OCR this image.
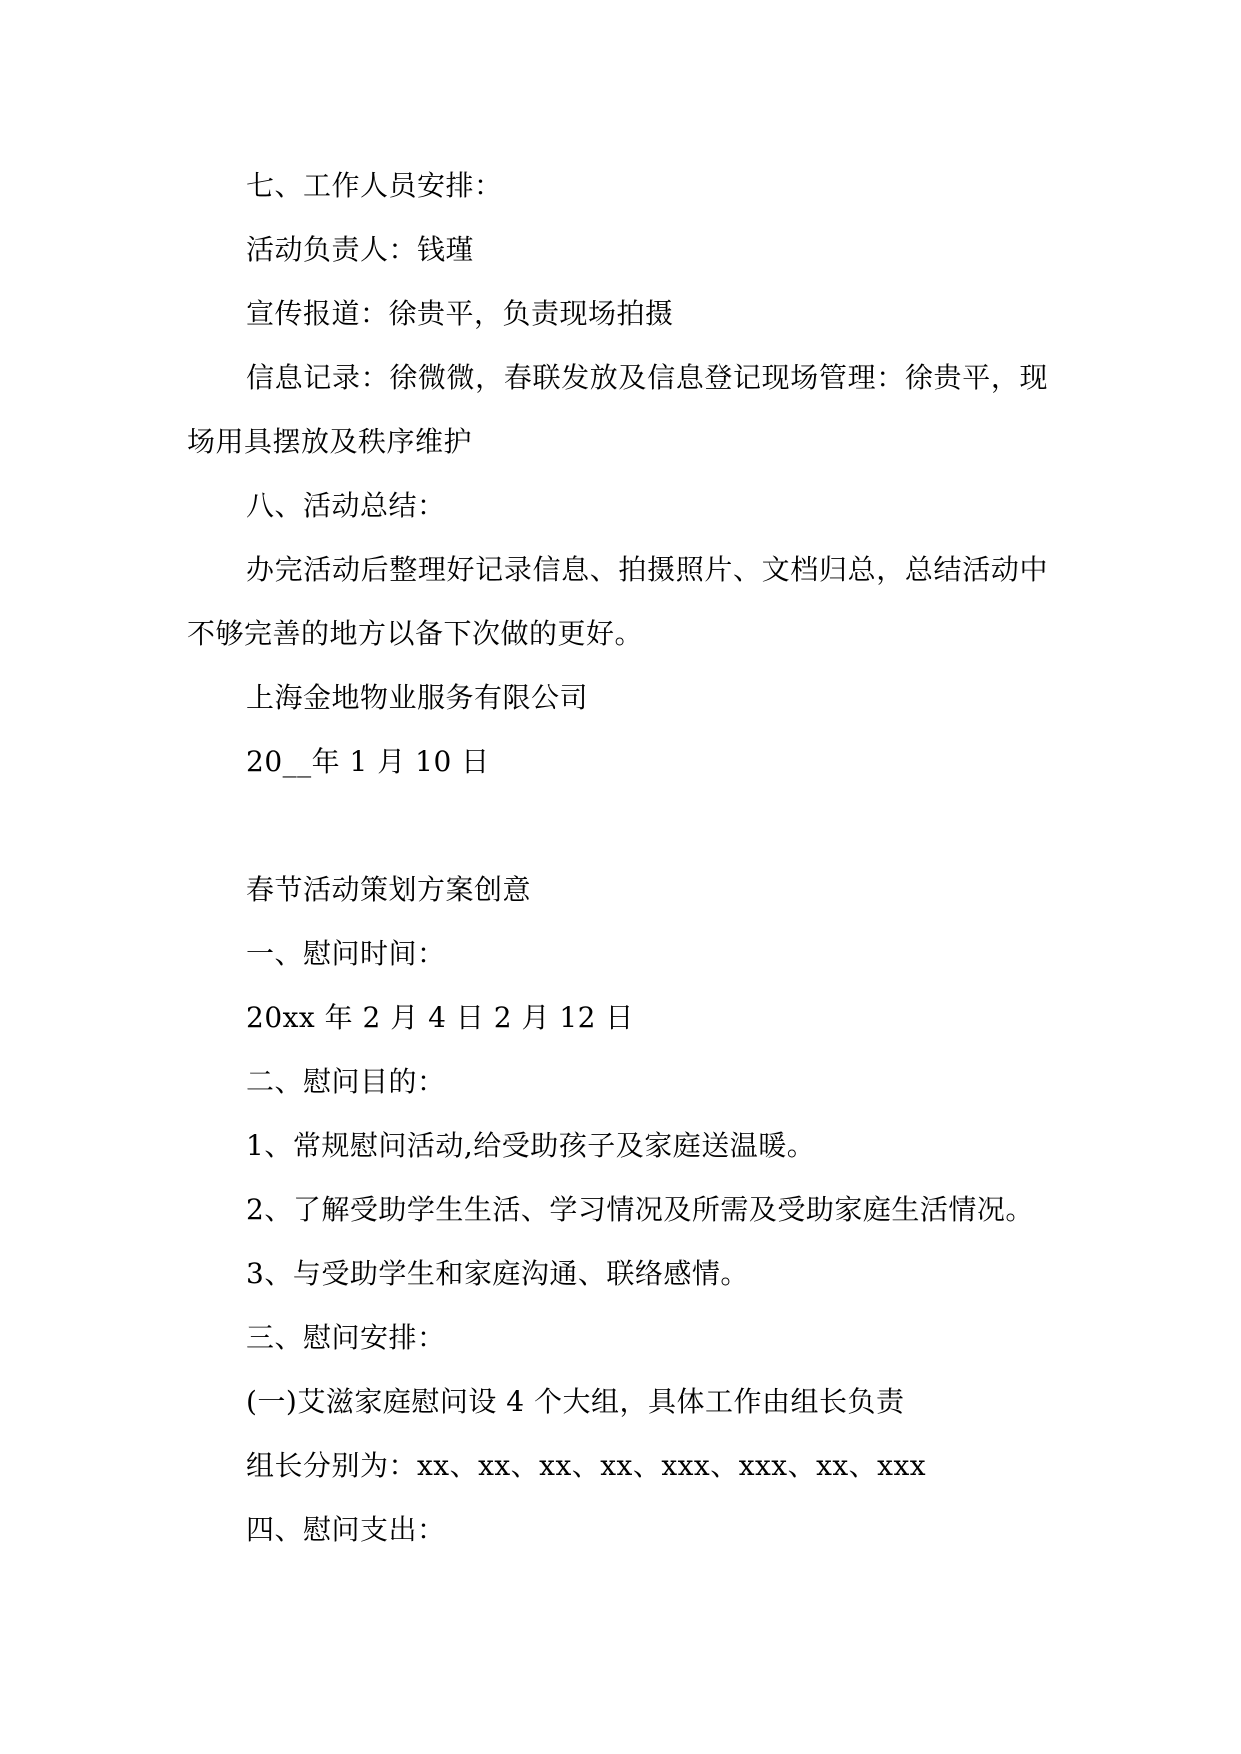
七、工作人员安排：
活动负责人：钱瑾
宣传报道：徐贵平，负责现场拍摄
信息记录：徐微微，春联发放及信息登记现场管理：徐贵平，现
场用具摆放及秩序维护
八、活动总结：
办完活动后整理好记录信息、拍摄照片、文档归总，总结活动中
不够完善的地方以备下次做的更好。
上海金地物业服务有限公司
20__年 1 月 10 日
春节活动策划方案创意
一、慰问时间：
20xx 年 2 月 4 日 2 月 12 日
二、慰问目的：
1、常规慰问活动,给受助孩子及家庭送温暖。
2、了解受助学生生活、学习情况及所需及受助家庭生活情况。
3、与受助学生和家庭沟通、联络感情。
三、慰问安排：
(一)艾滋家庭慰问设 4 个大组，具体工作由组长负责
组长分别为：xx、xx、xx、xx、xxx、xxx、xx、xxx
四、慰问支出：
